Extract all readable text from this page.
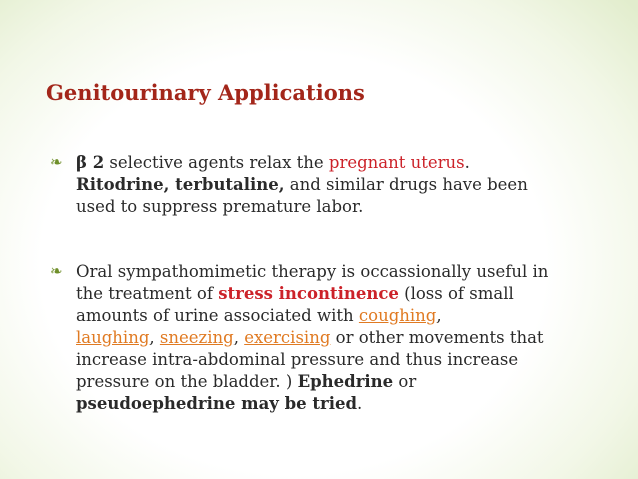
Genitourinary Applications
❧ β 2 selective agents relax the pregnant uterus.
Ritodrine, terbutaline, and similar drugs have been used to suppress premature labor.
❧ Oral sympathomimetic therapy is occassionally useful in the treatment of stress incontinence (loss of small amounts of urine associated with coughing,
laughing, sneezing, exercising or other movements that increase intra-abdominal pressure and thus increase pressure on the bladder. ) Ephedrine or pseudoephedrine may be tried.
